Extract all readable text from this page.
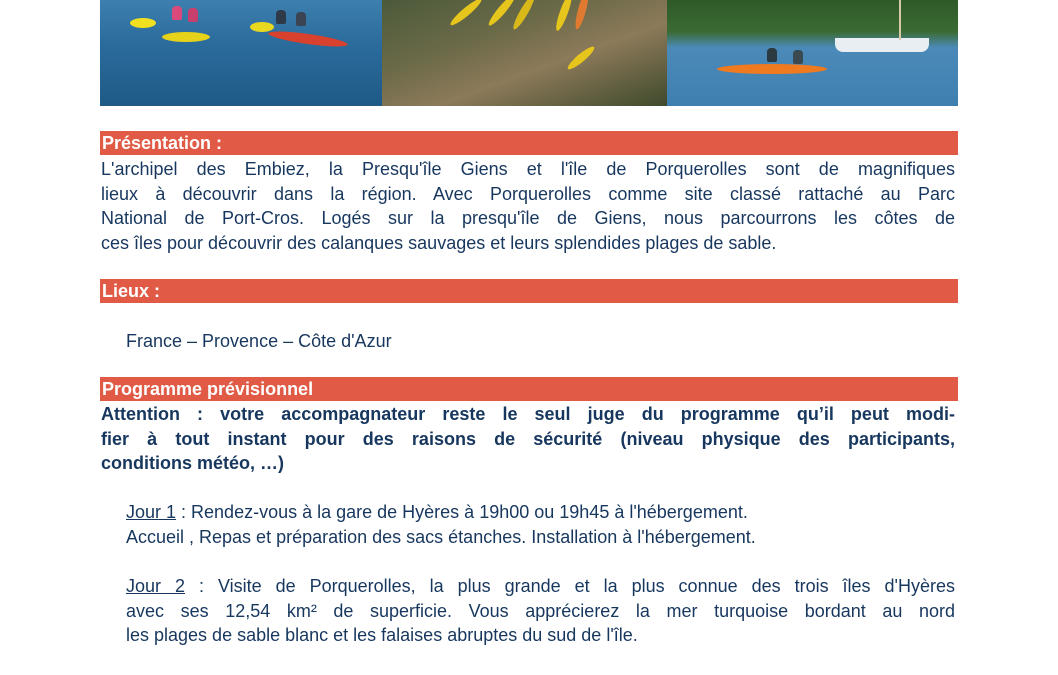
Présentation :
L'archipel des Embiez, la Presqu'île Giens et l'île de Porquerolles sont de magnifiques
lieux à découvrir dans la région. Avec Porquerolles comme site classé rattaché au Parc
National de Port-Cros. Logés sur la presqu'île de Giens, nous parcourrons les côtes de
ces îles pour découvrir des calanques sauvages et leurs splendides plages de sable.
Lieux :
France – Provence – Côte d'Azur
Programme prévisionnel
Attention : votre accompagnateur reste le seul juge du programme qu’il peut modi-
fier à tout instant pour des raisons de sécurité (niveau physique des participants,
conditions météo, …)
Jour 1 : Rendez-vous à la gare de Hyères à 19h00 ou 19h45 à l'hébergement.
Accueil , Repas et préparation des sacs étanches. Installation à l'hébergement.
Jour 2 : Visite de Porquerolles, la plus grande et la plus connue des trois îles d'Hyères
avec ses 12,54 km² de superficie. Vous apprécierez la mer turquoise bordant au nord
les plages de sable blanc et les falaises abruptes du sud de l'île.
